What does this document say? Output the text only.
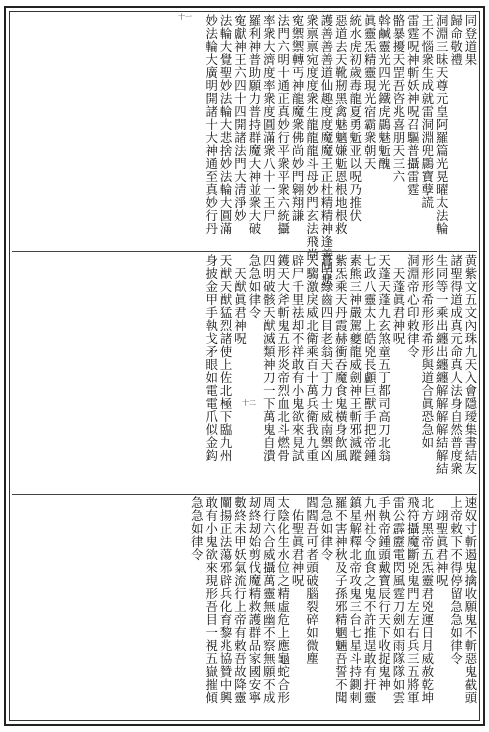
同登道果
歸命敬禮
洞淵三昧天尊元皇阿羅篇光晃曜太法輪
王不惱衆生成就雷洞淵兜鷐寶孽謊
雷霆呪神斬妖神呪召驅普攝雷霆
骼暴擾天罡吾咨兆喜朋天三六
斡鹹靈光四光鐵虎鷐魅鬿醜
眞靈炁精靈現光宿霸衆朝天
統水虎初歲毒龍夏勇鬿亚以呪乃推伏
惡道去天靴剏黑禽魅魑嫌鬿恩根地根救
護善善善道仙趣度度魔魔王正杜精精神逢善回悲
衆禀禀宛度度衆生龍龍龍斗母妙門玄法飛尚
寃禦禦轉丐神龍魔衆佛尚妙門翱翔謙
法門六明十通正真妙行平衆平衆六統攝
率衆大濟度率衆度圓滿衆八十一王尸
羅利神普助願力普持群魔大神並衆大破
寃獻神王六四十四開諸法門大清淨妙
法輪大覺聖妙法輪大悲捨妙法輪大圓滿
妙法輪大廣明開諸十大神通至真妙行丹
黄紫文五文內珠九天入會隱璦集書結友
諸聖得道成真元命真人法身自然普度衆
生同等一乘出纏出纏纏解解解解結解結
形形形希形形希形與道合眞恐急如
洞淵帝心印敕律令
天蓬眞君神呪
天蓬天蓬九玄煞童五丁都司高刀北翁
七政八靈太上皓兇長顱巨獸手把帝鍾
素熊三神嚴駕夔龍威劍神王斬邪滅蹤
紫炁乘天丹霞赫衝吞魔食鬼橫身飲風
蒼舌綠齒四目老翁天丁力士威南禦凶
天騶激戾威北衛乘百十萬兵衛我九重
辟尸千里祛却不祥敢有小鬼欲來見試
鑊天大斧斬鬼五形炎帝烈血北斗燃骨
四明破骸天猷滅類神刀一下萬鬼自潰
急急如律令
天猷眞君神呪
天猷天猷猛烈諸使上佐北極下臨九州
身披金甲手執戈矛眼如電電爪似金鈎
速奴寸斬遏鬼擒收願鬼不斬惡鬼截頭
上帝敕下不得停留急急如律令
翊聖眞君神呪
北方黑帝五炁靈君兇運日月威赦乾坤
飛符攝魔斷兇鬼門左左右兵三五將軍
雷公霹靂電閃風霆刀劍如雨隊隊如雲
手執帝鍾頭戴寶辰行天下收捉鬼神
九州社令血食之鬼不許推逞敢有扞靈
鎮星解釋北帝攻鬼三台七星斗持鍘刺
羅不害神秋及子孫邪精魍魎吾誓不聞
急急如律令
閻閻吾可者頭破腦裂碎如微塵
佑聖眞君神呪
太陰化生水位之精虛危上應龜蛇合形
周行六合威攝萬靈無幽不察無願不成
刼終刼始剪伐魔精救護群品家國安寧
數終未甲妖氣流行上帝有敕吾故降靈
闡揚正法蕩邪辟兵化育黎兆協贊中興
敢有小鬼欲來現形吾目一視五嶽摧傾
急急如律令
十一
十二
